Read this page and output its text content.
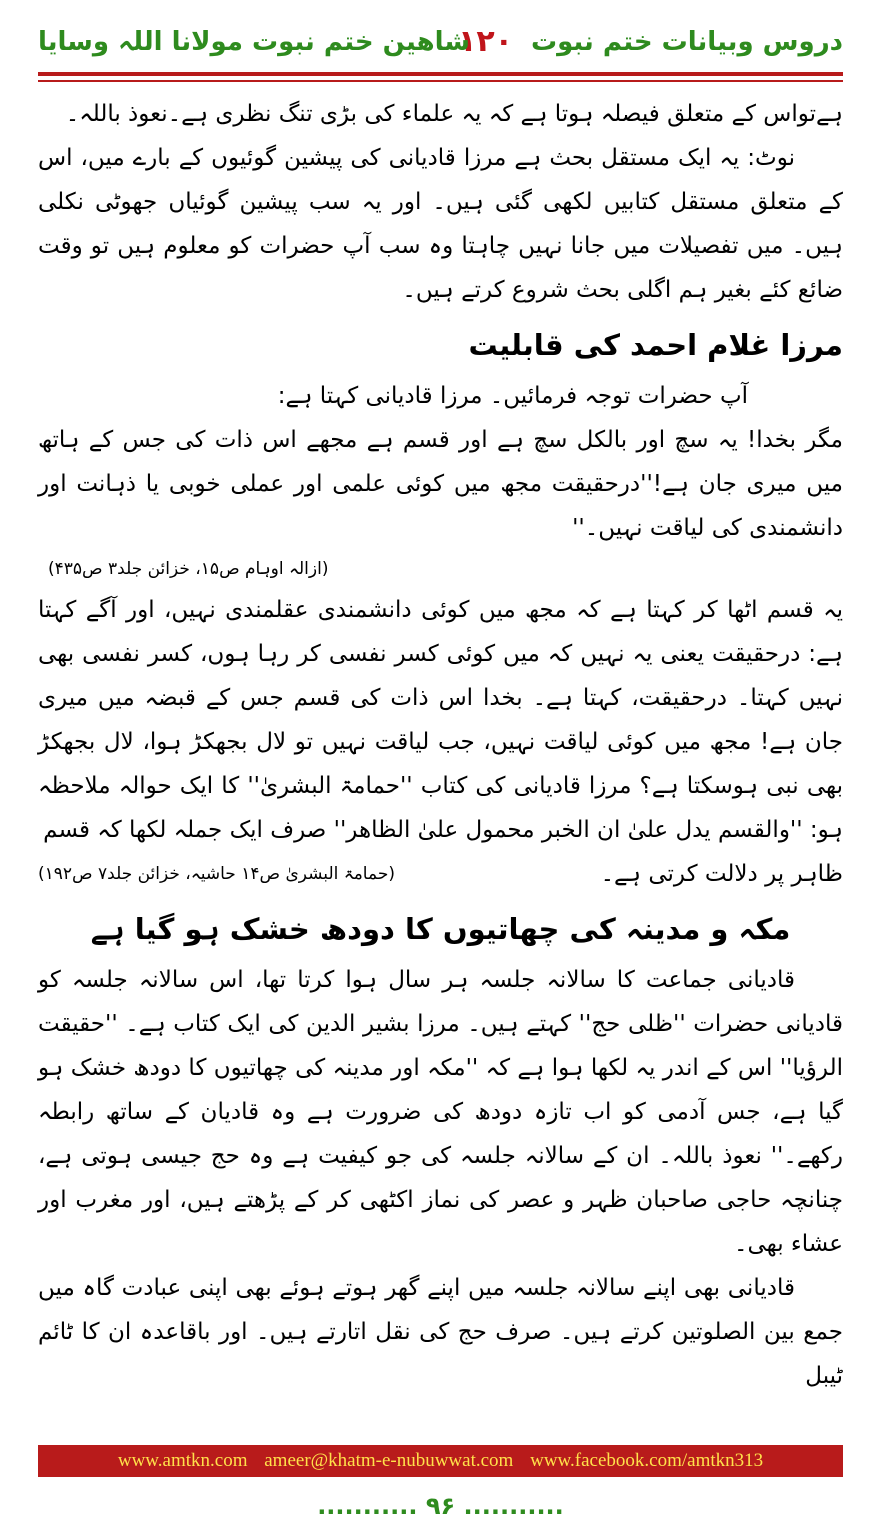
دروس وبیانات ختم نبوت
۱۲۰
شاهین ختم نبوت مولانا اللہ وسایا

ہےتواس کے متعلق فیصلہ ہوتا ہے کہ یہ علماء کی بڑی تنگ نظری ہے۔نعوذ باللہ۔

نوٹ: یہ ایک مستقل بحث ہے مرزا قادیانی کی پیشین گوئیوں کے بارے میں، اس کے متعلق مستقل کتابیں لکھی گئی ہیں۔ اور یہ سب پیشین گوئیاں جھوٹی نکلی ہیں۔ میں تفصیلات میں جانا نہیں چاہتا وہ سب آپ حضرات کو معلوم ہیں تو وقت ضائع کئے بغیر ہم اگلی بحث شروع کرتے ہیں۔

مرزا غلام احمد کی قابلیت

آپ حضرات توجہ فرمائیں۔ مرزا قادیانی کہتا ہے:

مگر بخدا! یہ سچ اور بالکل سچ ہے اور قسم ہے مجھے اس ذات کی جس کے ہاتھ میں میری جان ہے!''درحقیقت مجھ میں کوئی علمی اور عملی خوبی یا ذہانت اور دانشمندی کی لیاقت نہیں۔''

(ازالہ اوہام ص۱۵، خزائن جلد۳ ص۴۳۵)

یہ قسم اٹھا کر کہتا ہے کہ مجھ میں کوئی دانشمندی عقلمندی نہیں، اور آگے کہتا ہے: درحقیقت یعنی یہ نہیں کہ میں کوئی کسر نفسی کر رہا ہوں، کسر نفسی بھی نہیں کہتا۔ درحقیقت، کہتا ہے۔ بخدا اس ذات کی قسم جس کے قبضہ میں میری جان ہے! مجھ میں کوئی لیاقت نہیں، جب لیاقت نہیں تو لال بجھکڑ ہوا، لال بجھکڑ بھی نبی ہوسکتا ہے؟ مرزا قادیانی کی کتاب ''حمامۃ البشریٰ'' کا ایک حوالہ ملاحظہ ہو: ''والقسم یدل علیٰ ان الخبر محمول علیٰ الظاهر'' صرف ایک جملہ لکھا کہ قسم

ظاہر پر دلالت کرتی ہے۔
(حمامۃ البشریٰ ص۱۴ حاشیہ، خزائن جلد۷ ص۱۹۲)
مکہ و مدینہ کی چھاتیوں کا دودھ خشک ہو گیا ہے

قادیانی جماعت کا سالانہ جلسہ ہر سال ہوا کرتا تھا، اس سالانہ جلسہ کو قادیانی حضرات ''ظلی حج'' کہتے ہیں۔ مرزا بشیر الدین کی ایک کتاب ہے۔ ''حقیقت الرؤیا'' اس کے اندر یہ لکھا ہوا ہے کہ ''مکہ اور مدینہ کی چھاتیوں کا دودھ خشک ہو گیا ہے، جس آدمی کو اب تازہ دودھ کی ضرورت ہے وہ قادیان کے ساتھ رابطہ رکھے۔'' نعوذ باللہ۔ ان کے سالانہ جلسہ کی جو کیفیت ہے وہ حج جیسی ہوتی ہے، چنانچہ حاجی صاحبان ظہر و عصر کی نماز اکٹھی کر کے پڑھتے ہیں، اور مغرب اور عشاء بھی۔

قادیانی بھی اپنے سالانہ جلسہ میں اپنے گھر ہوتے ہوئے بھی اپنی عبادت گاہ میں جمع بین الصلوتین کرتے ہیں۔ صرف حج کی نقل اتارتے ہیں۔ اور باقاعدہ ان کا ٹائم ٹیبل

www.amtkn.com ameer@khatm-e-nubuwwat.com www.facebook.com/amtkn313
........... ۹۶ ...........
